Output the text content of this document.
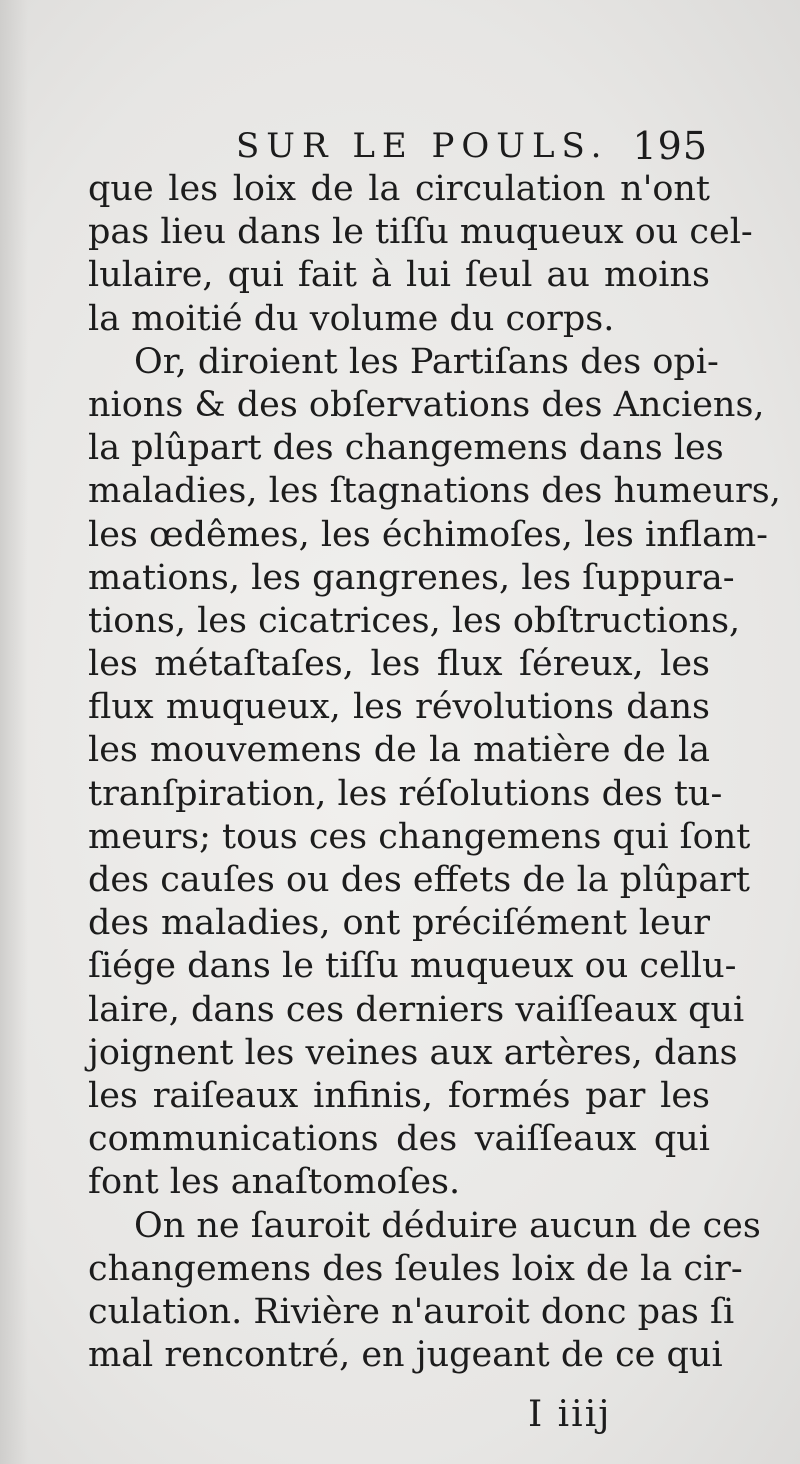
SUR LE POULS. 195
que les loix de la circulation n'ont
pas lieu dans le tiſſu muqueux ou cel-
lulaire, qui fait à lui ſeul au moins
la moitié du volume du corps.
Or, diroient les Partiſans des opi-
nions & des obſervations des Anciens,
la plûpart des changemens dans les
maladies, les ſtagnations des humeurs,
les œdêmes, les échimoſes, les inflam-
mations, les gangrenes, les ſuppura-
tions, les cicatrices, les obſtructions,
les métaſtaſes, les flux ſéreux, les
flux muqueux, les révolutions dans
les mouvemens de la matière de la
tranſpiration, les réſolutions des tu-
meurs; tous ces changemens qui ſont
des cauſes ou des effets de la plûpart
des maladies, ont préciſément leur
ſiége dans le tiſſu muqueux ou cellu-
laire, dans ces derniers vaiſſeaux qui
joignent les veines aux artères, dans
les raiſeaux infinis, formés par les
communications des vaiſſeaux qui
font les anaſtomoſes.
On ne ſauroit déduire aucun de ces
changemens des ſeules loix de la cir-
culation. Rivière n'auroit donc pas ſi
mal rencontré, en jugeant de ce qui
I iiij
